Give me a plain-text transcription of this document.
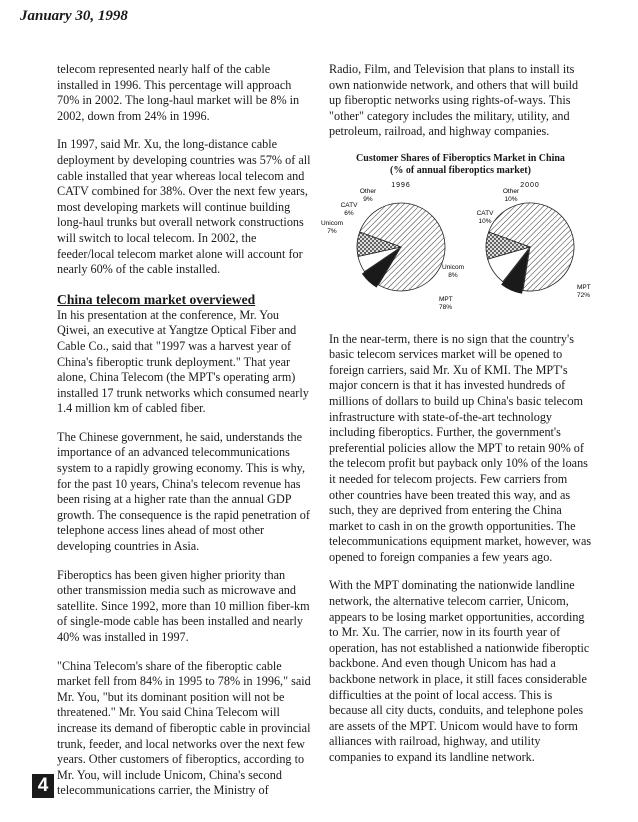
January 30, 1998

telecom represented nearly half of the cable installed in 1996. This percentage will approach 70% in 2002. The long-haul market will be 8% in 2002, down from 24% in 1996.

In 1997, said Mr. Xu, the long-distance cable deployment by developing countries was 57% of all cable installed that year whereas local telecom and CATV combined for 38%. Over the next few years, most developing markets will continue building long-haul trunks but overall network constructions will switch to local telecom. In 2002, the feeder/local telecom market alone will account for nearly 60% of the cable installed.

China telecom market overviewed

In his presentation at the conference, Mr. You Qiwei, an executive at Yangtze Optical Fiber and Cable Co., said that "1997 was a harvest year of China's fiberoptic trunk deployment." That year alone, China Telecom (the MPT's operating arm) installed 17 trunk networks which consumed nearly 1.4 million km of cabled fiber.

The Chinese government, he said, understands the importance of an advanced telecommunications system to a rapidly growing economy. This is why, for the past 10 years, China's telecom revenue has been rising at a higher rate than the annual GDP growth. The consequence is the rapid penetration of telephone access lines ahead of most other developing countries in Asia.

Fiberoptics has been given higher priority than other transmission media such as microwave and satellite. Since 1992, more than 10 million fiber-km of single-mode cable has been installed and nearly 40% was installed in 1997.

"China Telecom's share of the fiberoptic cable market fell from 84% in 1995 to 78% in 1996," said Mr. You, "but its dominant position will not be threatened." Mr. You said China Telecom will increase its demand of fiberoptic cable in provincial trunk, feeder, and local networks over the next few years. Other customers of fiberoptics, according to Mr. You, will include Unicom, China's second telecommunications carrier, the Ministry of

Radio, Film, and Television that plans to install its own nationwide network, and others that will build up fiberoptic networks using rights-of-ways. This "other" category includes the military, utility, and petroleum, railroad, and highway companies.

Customer Shares of Fiberoptics Market in China
(% of annual fiberoptics market)
1996
MPT
78%
Unicom
7%
CATV
6%
Other
9%
2000
MPT
72%
Unicom
8%
CATV
10%
Other
10%

In the near-term, there is no sign that the country's basic telecom services market will be opened to foreign carriers, said Mr. Xu of KMI. The MPT's major concern is that it has invested hundreds of millions of dollars to build up China's basic telecom infrastructure with state-of-the-art technology including fiberoptics. Further, the government's preferential policies allow the MPT to retain 90% of the telecom profit but payback only 10% of the loans it needed for telecom projects. Few carriers from other countries have been treated this way, and as such, they are deprived from entering the China market to cash in on the growth opportunities. The telecommunications equipment market, however, was opened to foreign companies a few years ago.

With the MPT dominating the nationwide landline network, the alternative telecom carrier, Unicom, appears to be losing market opportunities, according to Mr. Xu. The carrier, now in its fourth year of operation, has not established a nationwide fiberoptic backbone. And even though Unicom has had a backbone network in place, it still faces considerable difficulties at the point of local access. This is because all city ducts, conduits, and telephone poles are assets of the MPT. Unicom would have to form alliances with railroad, highway, and utility companies to expand its landline network.

4
